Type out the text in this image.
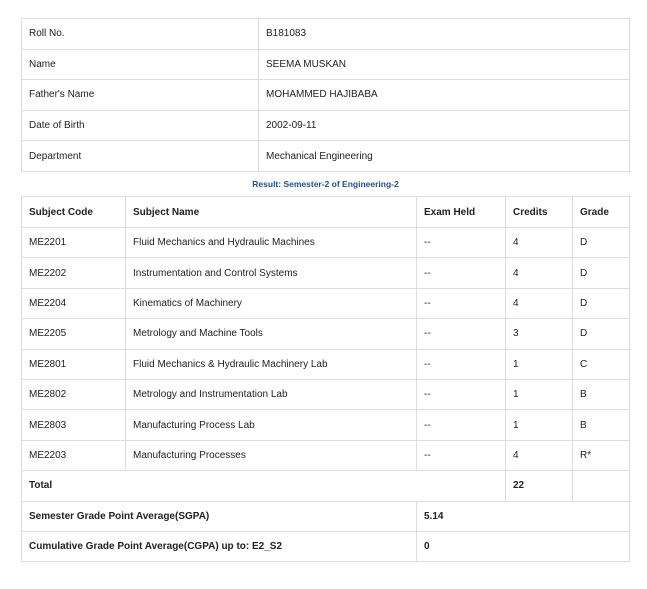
Roll No.	B181083
Name	SEEMA MUSKAN
Father's Name	MOHAMMED HAJIBABA
Date of Birth	2002-09-11
Department	Mechanical Engineering
Result: Semester-2 of Engineering-2
Subject Code	Subject Name	Exam Held	Credits	Grade
ME2201	Fluid Mechanics and Hydraulic Machines	--	4	D
ME2202	Instrumentation and Control Systems	--	4	D
ME2204	Kinematics of Machinery	--	4	D
ME2205	Metrology and Machine Tools	--	3	D
ME2801	Fluid Mechanics & Hydraulic Machinery Lab	--	1	C
ME2802	Metrology and Instrumentation Lab	--	1	B
ME2803	Manufacturing Process Lab	--	1	B
ME2203	Manufacturing Processes	--	4	R*
Total			22	
Semester Grade Point Average(SGPA)		5.14		
Cumulative Grade Point Average(CGPA) up to: E2_S2		0		
